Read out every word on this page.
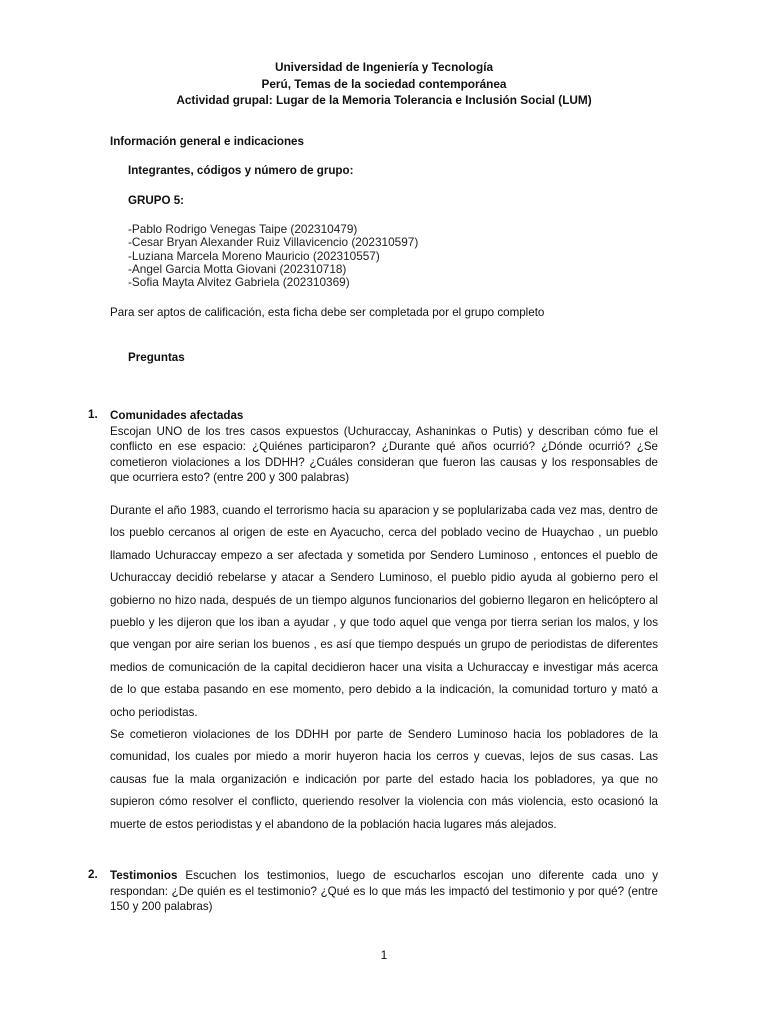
Universidad de Ingeniería y Tecnología
Perú, Temas de la sociedad contemporánea
Actividad grupal: Lugar de la Memoria Tolerancia e Inclusión Social (LUM)
Información general e indicaciones
Integrantes, códigos y número de grupo:
GRUPO 5:
-Pablo Rodrigo Venegas Taipe (202310479)
-Cesar Bryan Alexander Ruiz Villavicencio (202310597)
-Luziana Marcela Moreno Mauricio (202310557)
-Angel Garcia Motta Giovani (202310718)
-Sofia Mayta Alvitez Gabriela (202310369)
Para ser aptos de calificación, esta ficha debe ser completada por el grupo completo
Preguntas
1. Comunidades afectadas
Escojan UNO de los tres casos expuestos (Uchuraccay, Ashaninkas o Putis) y describan cómo fue el conflicto en ese espacio: ¿Quiénes participaron? ¿Durante qué años ocurrió? ¿Dónde ocurrió? ¿Se cometieron violaciones a los DDHH? ¿Cuáles consideran que fueron las causas y los responsables de que ocurriera esto? (entre 200 y 300 palabras)

Durante el año 1983, cuando el terrorismo hacia su aparacion y se poplularizaba cada vez mas, dentro de los pueblo cercanos al origen de este en Ayacucho, cerca del poblado vecino de Huaychao , un pueblo llamado Uchuraccay empezo a ser afectada y sometida por Sendero Luminoso , entonces el pueblo de Uchuraccay decidió rebelarse y atacar a Sendero Luminoso, el pueblo pidio ayuda al gobierno pero el gobierno no hizo nada, después de un tiempo algunos funcionarios del gobierno llegaron en helicóptero al pueblo y les dijeron que los iban a ayudar , y que todo aquel que venga por tierra serian los malos, y los que vengan por aire serian los buenos , es así que tiempo después un grupo de periodistas de diferentes medios de comunicación de la capital decidieron hacer una visita a Uchuraccay e investigar más acerca de lo que estaba pasando en ese momento, pero debido a la indicación, la comunidad torturo y mató a ocho periodistas.

Se cometieron violaciones de los DDHH por parte de Sendero Luminoso hacia los pobladores de la comunidad, los cuales por miedo a morir huyeron hacia los cerros y cuevas, lejos de sus casas. Las causas fue la mala organización e indicación por parte del estado hacia los pobladores, ya que no supieron cómo resolver el conflicto, queriendo resolver la violencia con más violencia, esto ocasionó la muerte de estos periodistas y el abandono de la población hacia lugares más alejados.

2. Testimonios Escuchen los testimonios, luego de escucharlos escojan uno diferente cada uno y respondan: ¿De quién es el testimonio? ¿Qué es lo que más les impactó del testimonio y por qué? (entre 150 y 200 palabras)
1
